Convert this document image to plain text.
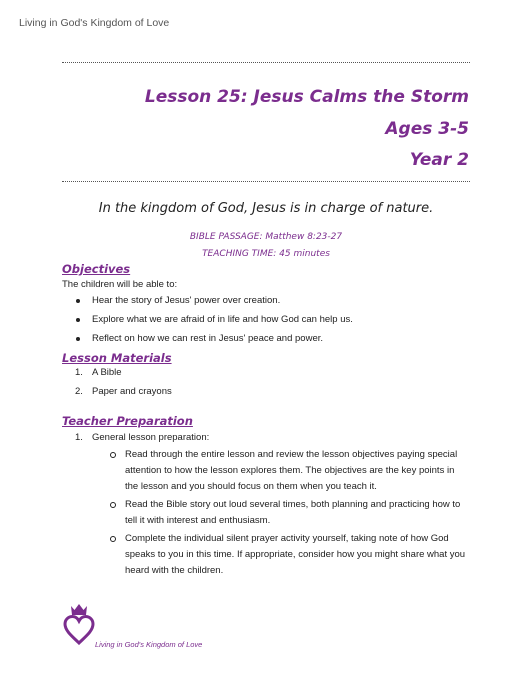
Living in God's Kingdom of Love
Lesson 25: Jesus Calms the Storm
Ages 3-5
Year 2
In the kingdom of God, Jesus is in charge of nature.
BIBLE PASSAGE: Matthew 8:23-27
TEACHING TIME: 45 minutes
Objectives
The children will be able to:
Hear the story of Jesus' power over creation.
Explore what we are afraid of in life and how God can help us.
Reflect on how we can rest in Jesus' peace and power.
Lesson Materials
1. A Bible
2. Paper and crayons
Teacher Preparation
1. General lesson preparation:
Read through the entire lesson and review the lesson objectives paying special attention to how the lesson explores them. The objectives are the key points in the lesson and you should focus on them when you teach it.
Read the Bible story out loud several times, both planning and practicing how to tell it with interest and enthusiasm.
Complete the individual silent prayer activity yourself, taking note of how God speaks to you in this time. If appropriate, consider how you might share what you heard with the children.
Living in God's Kingdom of Love
